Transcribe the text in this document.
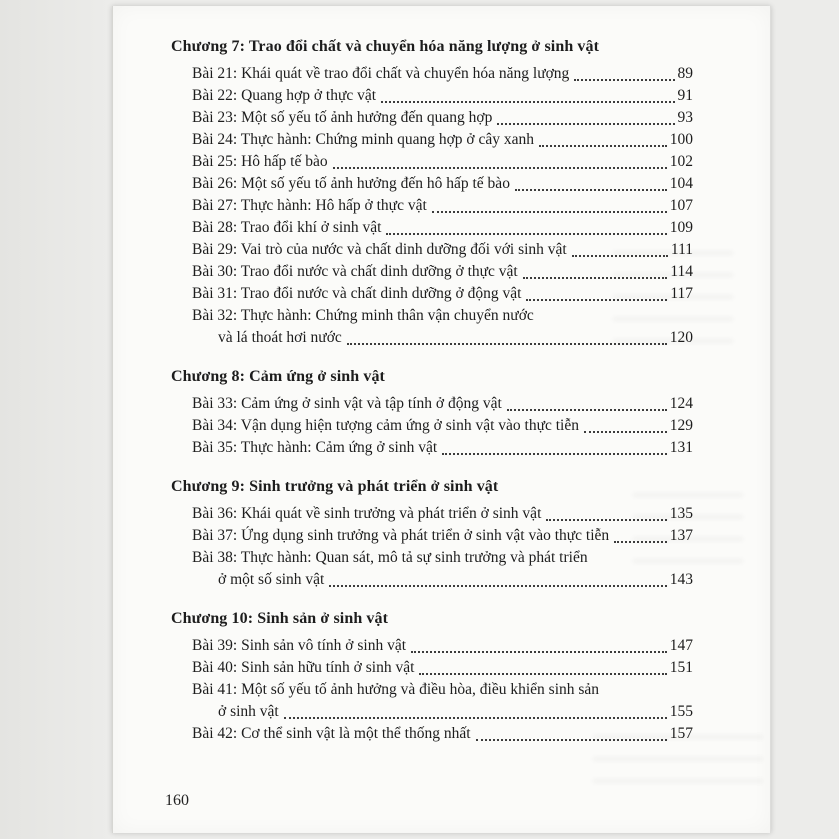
Chương 7: Trao đổi chất và chuyển hóa năng lượng ở sinh vật
Bài 21: Khái quát về trao đổi chất và chuyển hóa năng lượng	89
Bài 22: Quang hợp ở thực vật	91
Bài 23: Một số yếu tố ảnh hưởng đến quang hợp	93
Bài 24: Thực hành: Chứng minh quang hợp ở cây xanh	100
Bài 25: Hô hấp tế bào	102
Bài 26: Một số yếu tố ảnh hưởng đến hô hấp tế bào	104
Bài 27: Thực hành: Hô hấp ở thực vật	107
Bài 28: Trao đổi khí ở sinh vật	109
Bài 29: Vai trò của nước và chất dinh dưỡng đối với sinh vật	111
Bài 30: Trao đổi nước và chất dinh dưỡng ở thực vật	114
Bài 31: Trao đổi nước và chất dinh dưỡng ở động vật	117
Bài 32: Thực hành: Chứng minh thân vận chuyển nước
và lá thoát hơi nước	120
Chương 8: Cảm ứng ở sinh vật
Bài 33: Cảm ứng ở sinh vật và tập tính ở động vật	124
Bài 34: Vận dụng hiện tượng cảm ứng ở sinh vật vào thực tiễn	129
Bài 35: Thực hành: Cảm ứng ở sinh vật	131
Chương 9: Sinh trưởng và phát triển ở sinh vật
Bài 36: Khái quát về sinh trưởng và phát triển ở sinh vật	135
Bài 37: Ứng dụng sinh trưởng và phát triển ở sinh vật vào thực tiễn	137
Bài 38: Thực hành: Quan sát, mô tả sự sinh trưởng và phát triển
ở một số sinh vật	143
Chương 10: Sinh sản ở sinh vật
Bài 39: Sinh sản vô tính ở sinh vật	147
Bài 40: Sinh sản hữu tính ở sinh vật	151
Bài 41: Một số yếu tố ảnh hưởng và điều hòa, điều khiển sinh sản
ở sinh vật	155
Bài 42: Cơ thể sinh vật là một thể thống nhất	157
160
